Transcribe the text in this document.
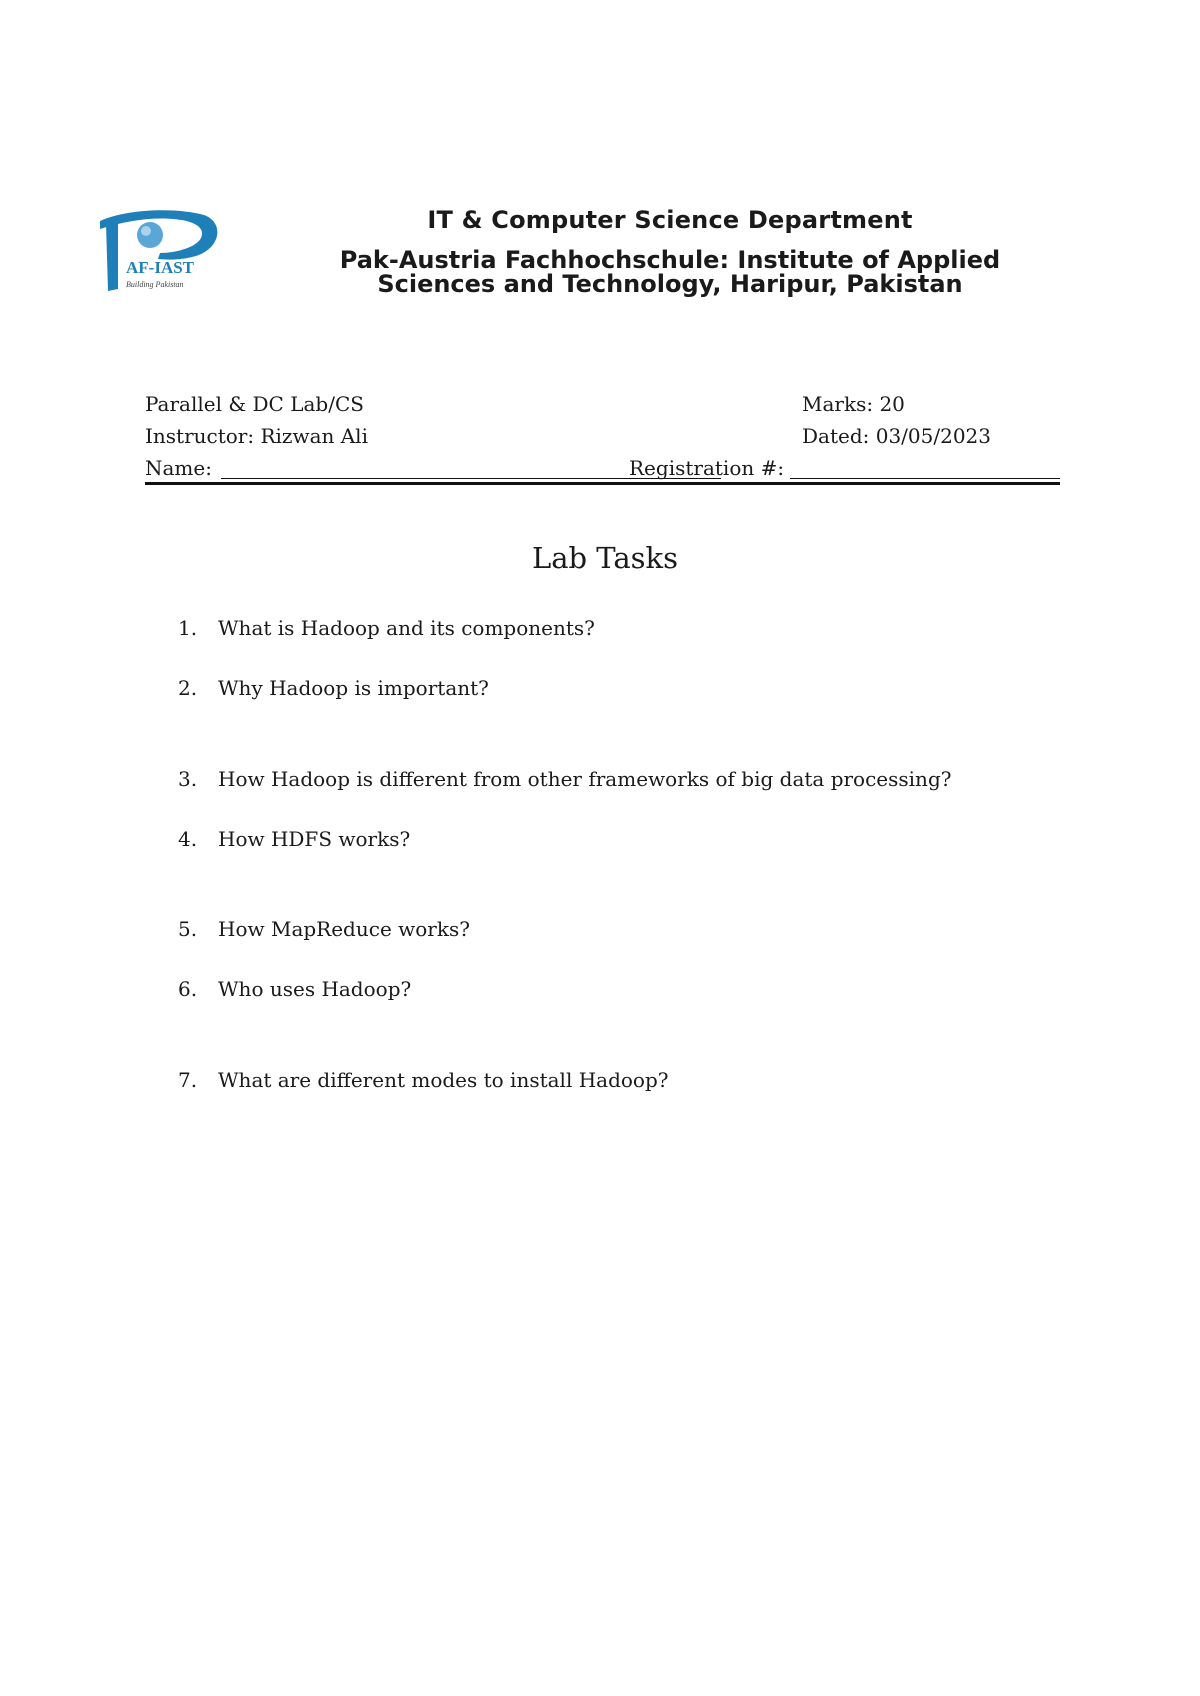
AF-IAST
Building Pakistan
IT & Computer Science Department
Pak-Austria Fachhochschule: Institute of Applied
Sciences and Technology, Haripur, Pakistan
Parallel & DC Lab/CS
Instructor: Rizwan Ali
Marks: 20
Dated: 03/05/2023
Name:	Registration #:
Lab Tasks
1. What is Hadoop and its components?
2. Why Hadoop is important?
3. How Hadoop is different from other frameworks of big data processing?
4. How HDFS works?
5. How MapReduce works?
6. Who uses Hadoop?
7. What are different modes to install Hadoop?
